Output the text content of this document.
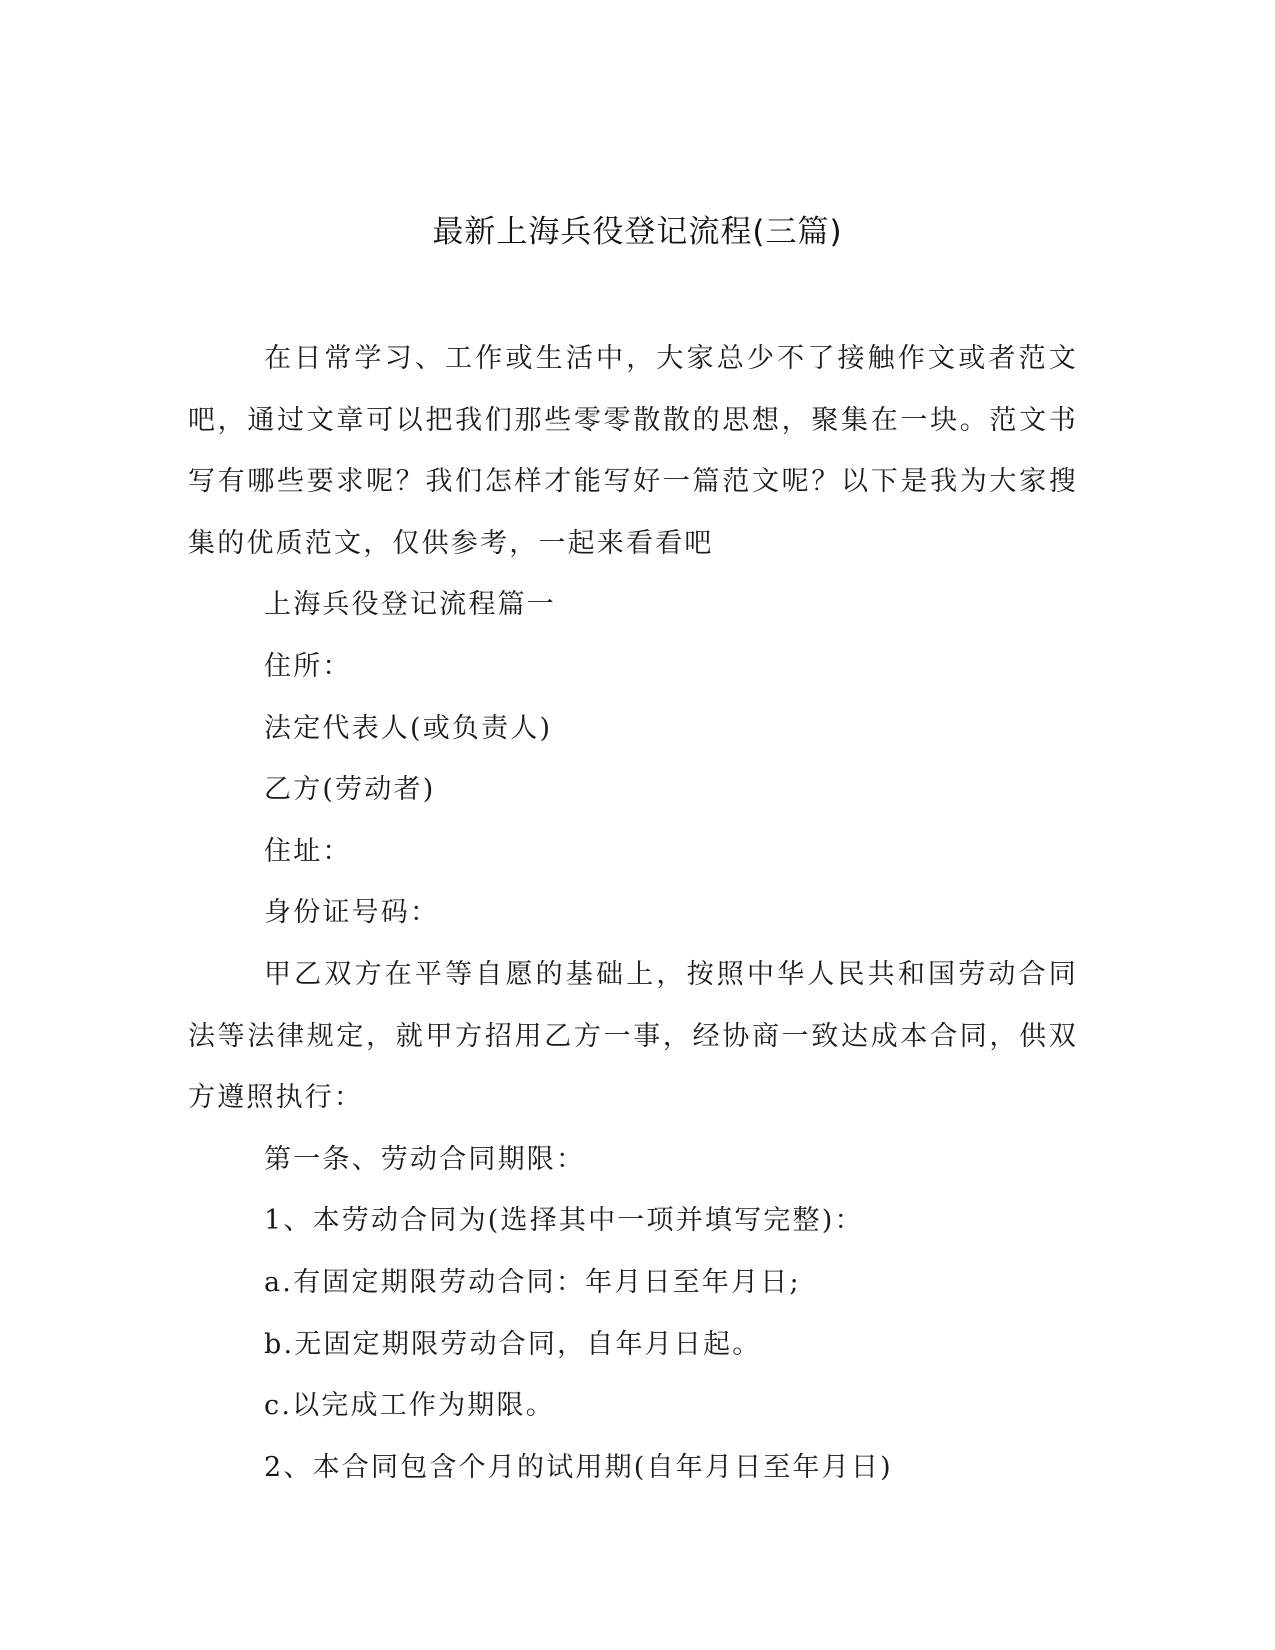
最新上海兵役登记流程(三篇)

在日常学习、工作或生活中，大家总少不了接触作文或者范文吧，通过文章可以把我们那些零零散散的思想，聚集在一块。范文书写有哪些要求呢？我们怎样才能写好一篇范文呢？以下是我为大家搜集的优质范文，仅供参考，一起来看看吧

上海兵役登记流程篇一

住所：

法定代表人(或负责人)

乙方(劳动者)

住址：

身份证号码：

甲乙双方在平等自愿的基础上，按照中华人民共和国劳动合同法等法律规定，就甲方招用乙方一事，经协商一致达成本合同，供双方遵照执行：

第一条、劳动合同期限：

1、本劳动合同为(选择其中一项并填写完整)：

a.有固定期限劳动合同：年月日至年月日;

b.无固定期限劳动合同，自年月日起。

c.以完成工作为期限。

2、本合同包含个月的试用期(自年月日至年月日)
